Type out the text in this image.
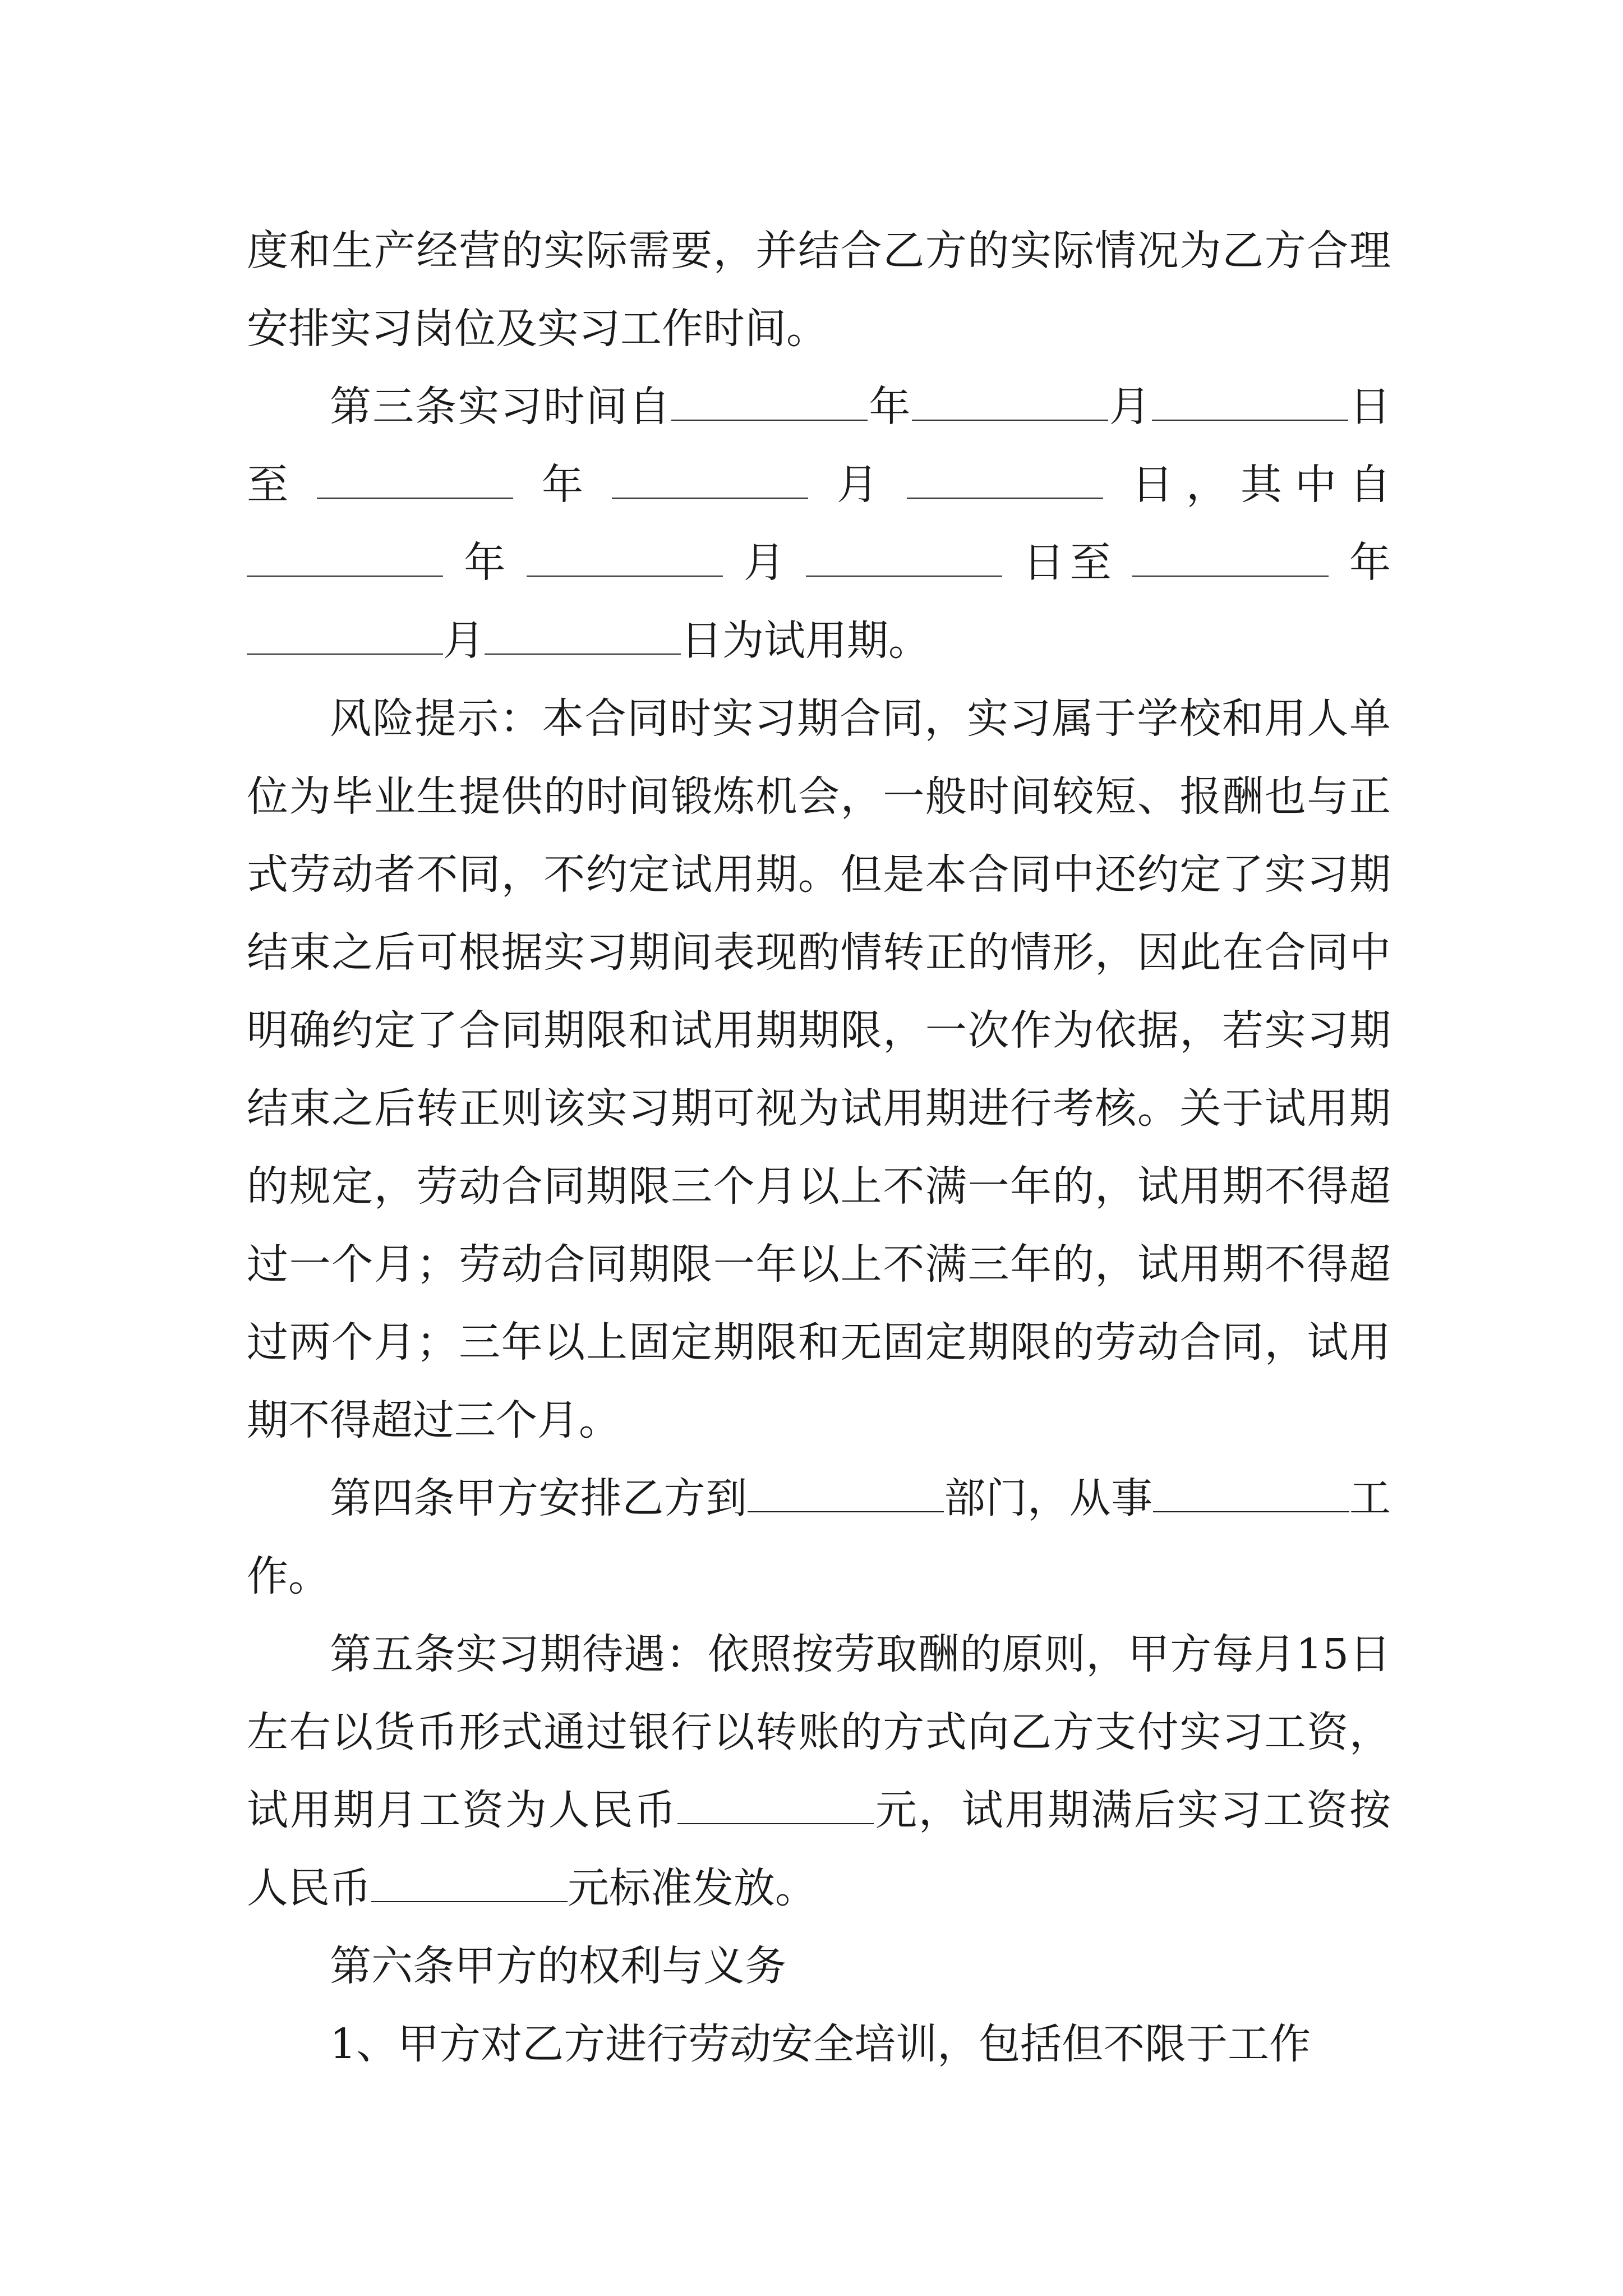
度和生产经营的实际需要，并结合乙方的实际情况为乙方合理安排实习岗位及实习工作时间。

第三条实习时间自	年	月	日至	年	月	日，其中自年	月	日至	年月	日为试用期。

风险提示：本合同时实习期合同，实习属于学校和用人单位为毕业生提供的时间锻炼机会，一般时间较短、报酬也与正式劳动者不同，不约定试用期。但是本合同中还约定了实习期结束之后可根据实习期间表现酌情转正的情形，因此在合同中明确约定了合同期限和试用期期限，一次作为依据，若实习期结束之后转正则该实习期可视为试用期进行考核。关于试用期的规定，劳动合同期限三个月以上不满一年的，试用期不得超过一个月；劳动合同期限一年以上不满三年的，试用期不得超过两个月；三年以上固定期限和无固定期限的劳动合同，试用期不得超过三个月。

第四条甲方安排乙方到	部门，从事	工作。

第五条实习期待遇：依照按劳取酬的原则，甲方每月15日左右以货币形式通过银行以转账的方式向乙方支付实习工资，试用期月工资为人民币	元，试用期满后实习工资按人民币	元标准发放。

第六条甲方的权利与义务

1、甲方对乙方进行劳动安全培训，包括但不限于工作
